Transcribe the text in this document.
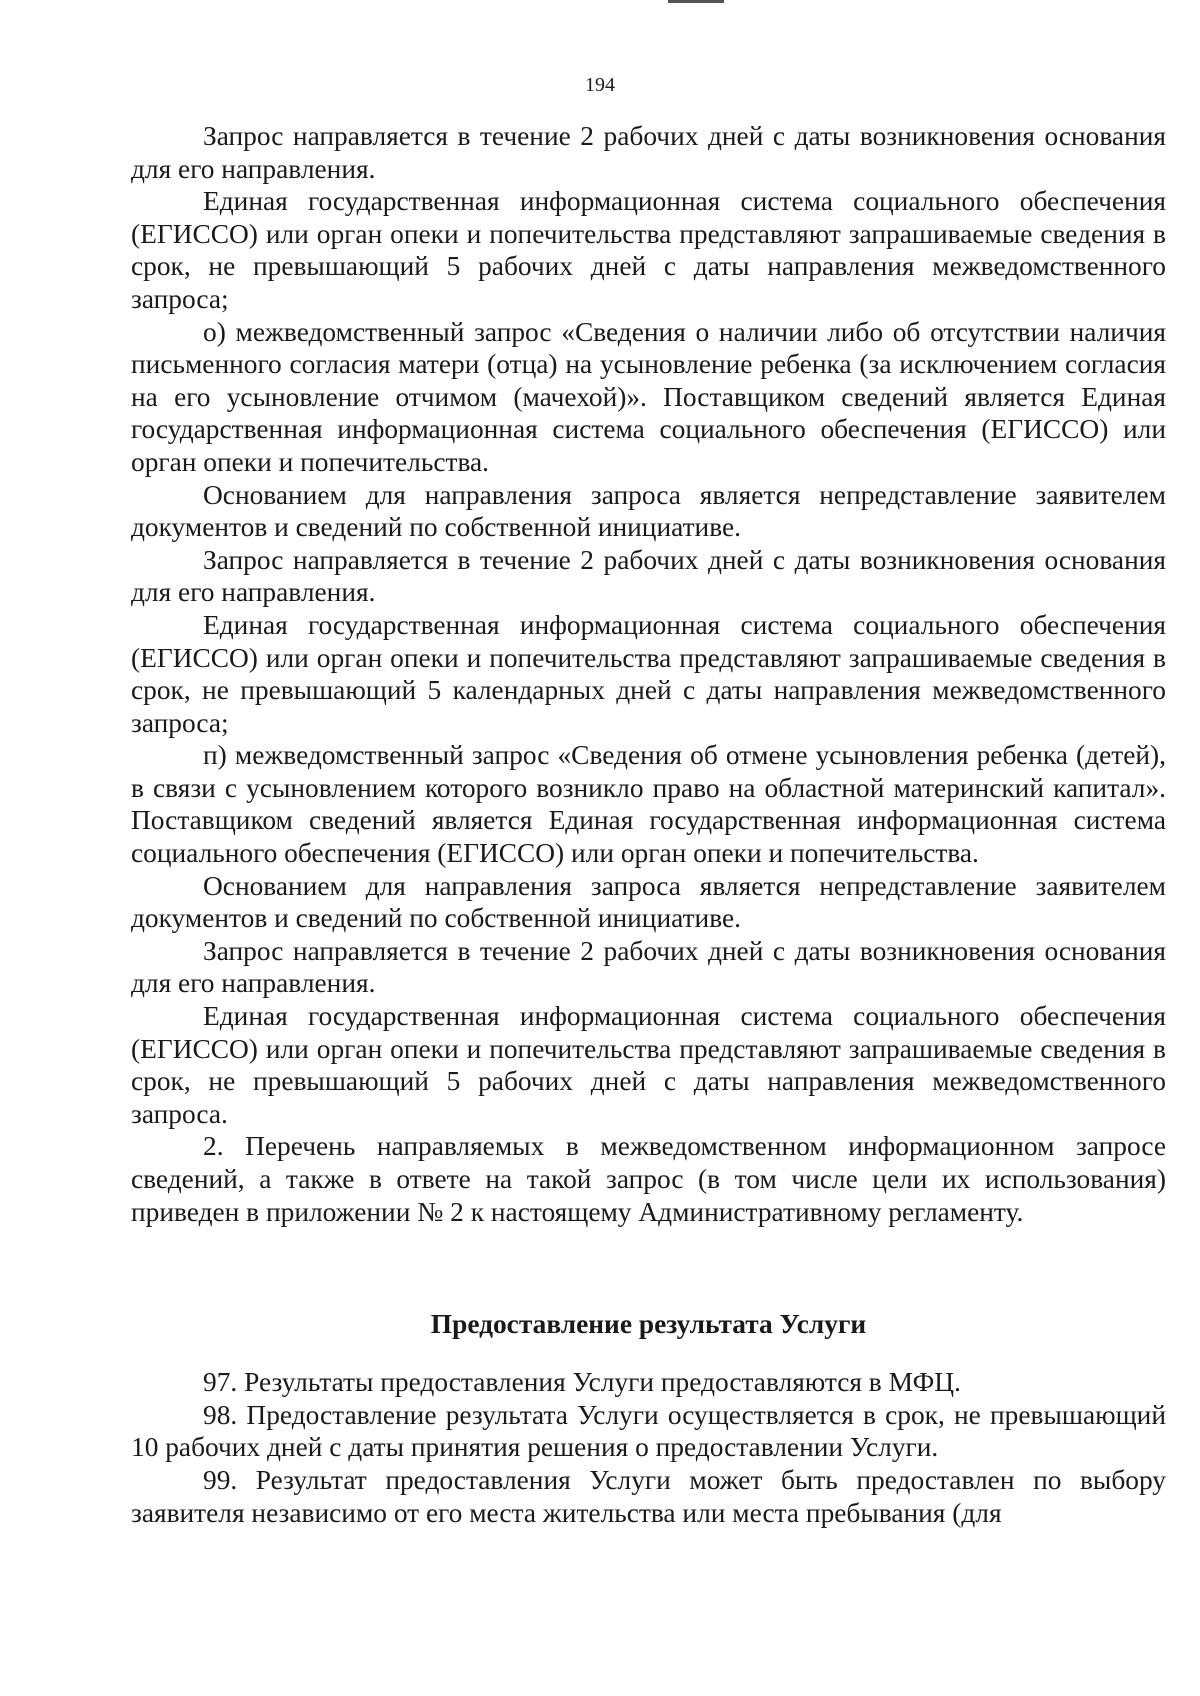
194

Запрос направляется в течение 2 рабочих дней с даты возникновения основания для его направления.

Единая государственная информационная система социального обеспечения (ЕГИССО) или орган опеки и попечительства представляют запрашиваемые сведения в срок, не превышающий 5 рабочих дней с даты направления межведомственного запроса;

о) межведомственный запрос «Сведения о наличии либо об отсутствии наличия письменного согласия матери (отца) на усыновление ребенка (за исключением согласия на его усыновление отчимом (мачехой)». Поставщиком сведений является Единая государственная информационная система социального обеспечения (ЕГИССО) или орган опеки и попечительства.

Основанием для направления запроса является непредставление заявителем документов и сведений по собственной инициативе.

Запрос направляется в течение 2 рабочих дней с даты возникновения основания для его направления.

Единая государственная информационная система социального обеспечения (ЕГИССО) или орган опеки и попечительства представляют запрашиваемые сведения в срок, не превышающий 5 календарных дней с даты направления межведомственного запроса;

п) межведомственный запрос «Сведения об отмене усыновления ребенка (детей), в связи с усыновлением которого возникло право на областной материнский капитал». Поставщиком сведений является Единая государственная информационная система социального обеспечения (ЕГИССО) или орган опеки и попечительства.

Основанием для направления запроса является непредставление заявителем документов и сведений по собственной инициативе.

Запрос направляется в течение 2 рабочих дней с даты возникновения основания для его направления.

Единая государственная информационная система социального обеспечения (ЕГИССО) или орган опеки и попечительства представляют запрашиваемые сведения в срок, не превышающий 5 рабочих дней с даты направления межведомственного запроса.

2. Перечень направляемых в межведомственном информационном запросе сведений, а также в ответе на такой запрос (в том числе цели их использования) приведен в приложении № 2 к настоящему Административному регламенту.

Предоставление результата Услуги

97. Результаты предоставления Услуги предоставляются в МФЦ.

98. Предоставление результата Услуги осуществляется в срок, не превышающий 10 рабочих дней с даты принятия решения о предоставлении Услуги.

99. Результат предоставления Услуги может быть предоставлен по выбору заявителя независимо от его места жительства или места пребывания (для
